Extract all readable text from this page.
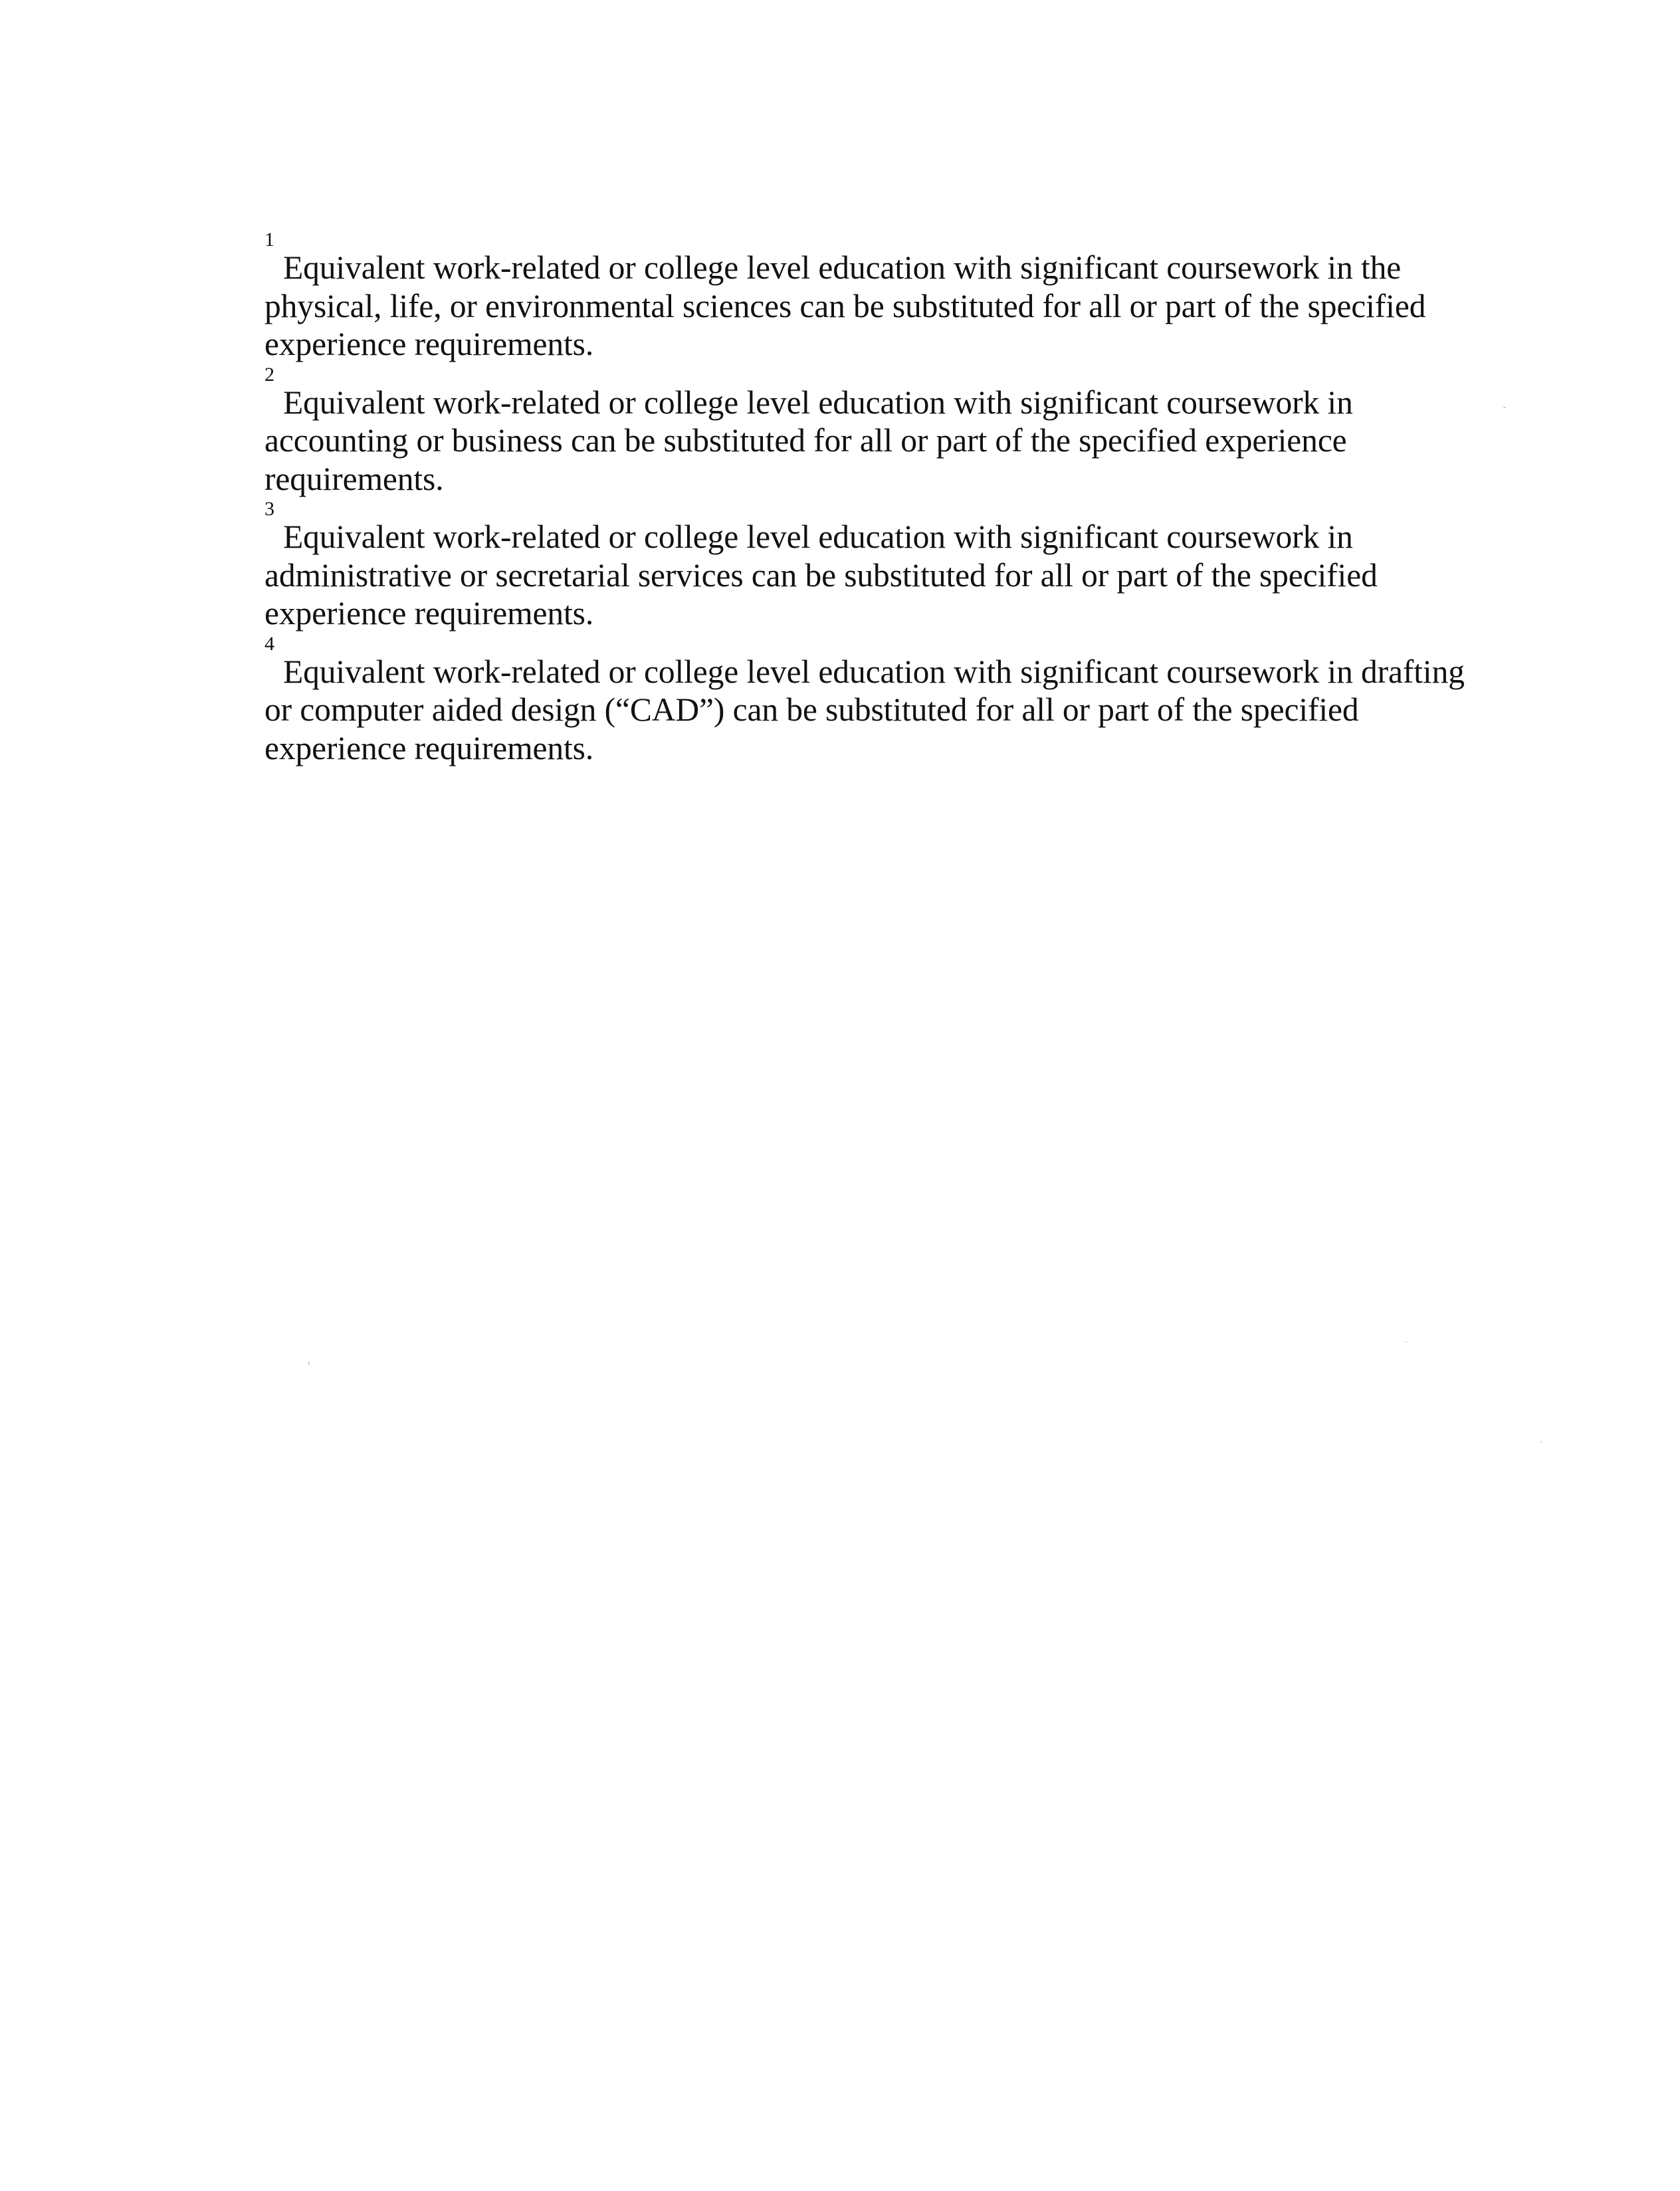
1
Equivalent work-related or college level education with significant coursework in the physical, life, or environmental sciences can be substituted for all or part of the specified experience requirements.
2
Equivalent work-related or college level education with significant coursework in accounting or business can be substituted for all or part of the specified experience requirements.
3
Equivalent work-related or college level education with significant coursework in administrative or secretarial services can be substituted for all or part of the specified experience requirements.
4
Equivalent work-related or college level education with significant coursework in drafting or computer aided design (“CAD”) can be substituted for all or part of the specified experience requirements.
